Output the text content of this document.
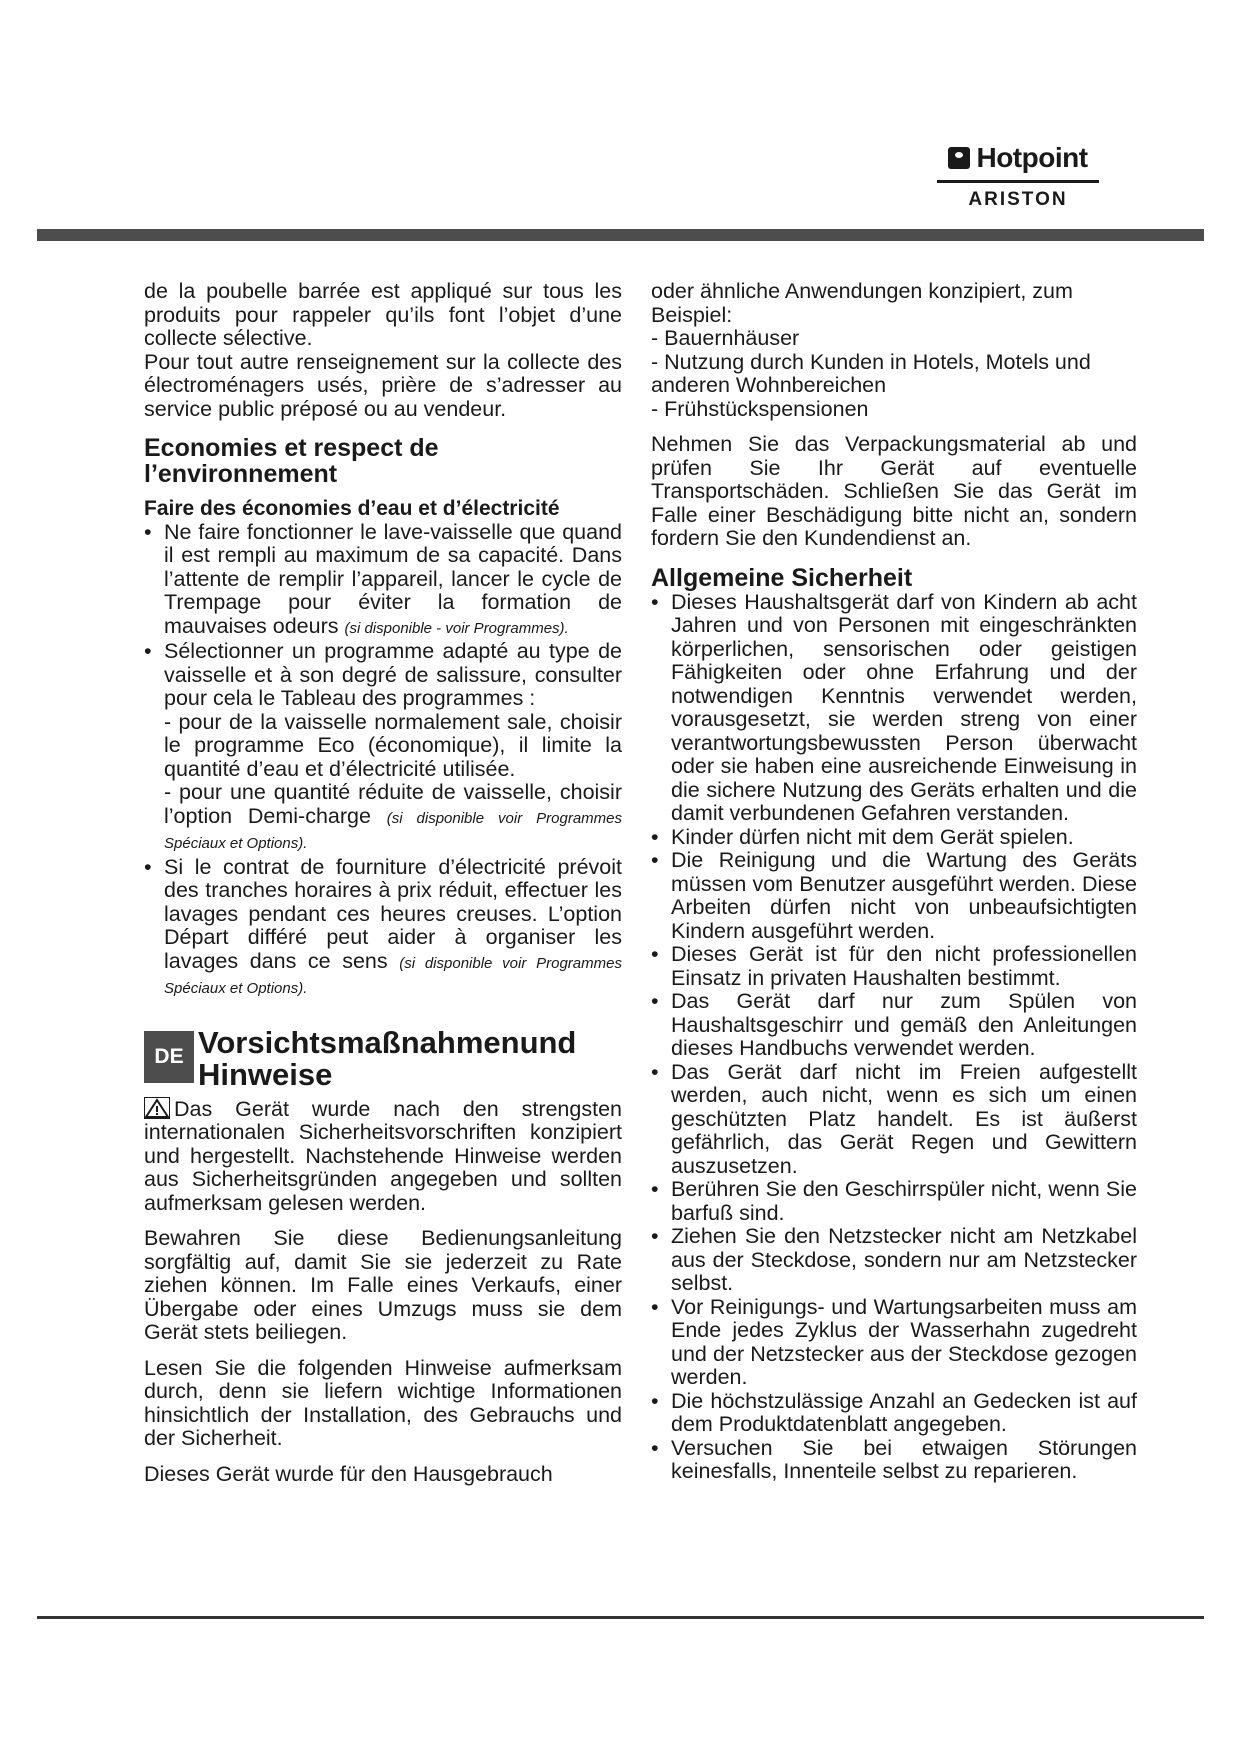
Hotpoint
ARISTON

de la poubelle barrée est appliqué sur tous les produits pour rappeler qu’ils font l’objet d’une collecte sélective.

Pour tout autre renseignement sur la collecte des électroménagers usés, prière de s’adresser au service public préposé ou au vendeur.

Economies et respect de l’environnement
Faire des économies d’eau et d’électricité
• Ne faire fonctionner le lave-vaisselle que quand il est rempli au maximum de sa capacité. Dans l’attente de remplir l’appareil, lancer le cycle de Trempage pour éviter la formation de mauvaises odeurs (si disponible - voir Programmes).
• Sélectionner un programme adapté au type de vaisselle et à son degré de salissure, consulter pour cela le Tableau des programmes :
- pour de la vaisselle normalement sale, choisir le programme Eco (économique), il limite la quantité d’eau et d’électricité utilisée.
- pour une quantité réduite de vaisselle, choisir l’option Demi-charge (si disponible voir Programmes Spéciaux et Options).
• Si le contrat de fourniture d’électricité prévoit des tranches horaires à prix réduit, effectuer les lavages pendant ces heures creuses. L’option Départ différé peut aider à organiser les lavages dans ce sens (si disponible voir Programmes Spéciaux et Options).
DE Vorsichtsmaßnahmenund
Hinweise

Das Gerät wurde nach den strengsten internationalen Sicherheitsvorschriften konzipiert und hergestellt. Nachstehende Hinweise werden aus Sicherheitsgründen angegeben und sollten aufmerksam gelesen werden.

Bewahren Sie diese Bedienungsanleitung sorgfältig auf, damit Sie sie jederzeit zu Rate ziehen können. Im Falle eines Verkaufs, einer Übergabe oder eines Umzugs muss sie dem Gerät stets beiliegen.

Lesen Sie die folgenden Hinweise aufmerksam durch, denn sie liefern wichtige Informationen hinsichtlich der Installation, des Gebrauchs und der Sicherheit.

Dieses Gerät wurde für den Hausgebrauch

oder ähnliche Anwendungen konzipiert, zum Beispiel:

- Bauernhäuser

- Nutzung durch Kunden in Hotels, Motels und anderen Wohnbereichen

- Frühstückspensionen

Nehmen Sie das Verpackungsmaterial ab und prüfen Sie Ihr Gerät auf eventuelle Transportschäden. Schließen Sie das Gerät im Falle einer Beschädigung bitte nicht an, sondern fordern Sie den Kundendienst an.

Allgemeine Sicherheit
• Dieses Haushaltsgerät darf von Kindern ab acht Jahren und von Personen mit eingeschränkten körperlichen, sensorischen oder geistigen Fähigkeiten oder ohne Erfahrung und der notwendigen Kenntnis verwendet werden, vorausgesetzt, sie werden streng von einer verantwortungsbewussten Person überwacht oder sie haben eine ausreichende Einweisung in die sichere Nutzung des Geräts erhalten und die damit verbundenen Gefahren verstanden.
• Kinder dürfen nicht mit dem Gerät spielen.
• Die Reinigung und die Wartung des Geräts müssen vom Benutzer ausgeführt werden. Diese Arbeiten dürfen nicht von unbeaufsichtigten Kindern ausgeführt werden.
• Dieses Gerät ist für den nicht professionellen Einsatz in privaten Haushalten bestimmt.
• Das Gerät darf nur zum Spülen von Haushaltsgeschirr und gemäß den Anleitungen dieses Handbuchs verwendet werden.
• Das Gerät darf nicht im Freien aufgestellt werden, auch nicht, wenn es sich um einen geschützten Platz handelt. Es ist äußerst gefährlich, das Gerät Regen und Gewittern auszusetzen.
• Berühren Sie den Geschirrspüler nicht, wenn Sie barfuß sind.
• Ziehen Sie den Netzstecker nicht am Netzkabel aus der Steckdose, sondern nur am Netzstecker selbst.
• Vor Reinigungs- und Wartungsarbeiten muss am Ende jedes Zyklus der Wasserhahn zugedreht und der Netzstecker aus der Steckdose gezogen werden.
• Die höchstzulässige Anzahl an Gedecken ist auf dem Produktdatenblatt angegeben.
• Versuchen Sie bei etwaigen Störungen keinesfalls, Innenteile selbst zu reparieren.
